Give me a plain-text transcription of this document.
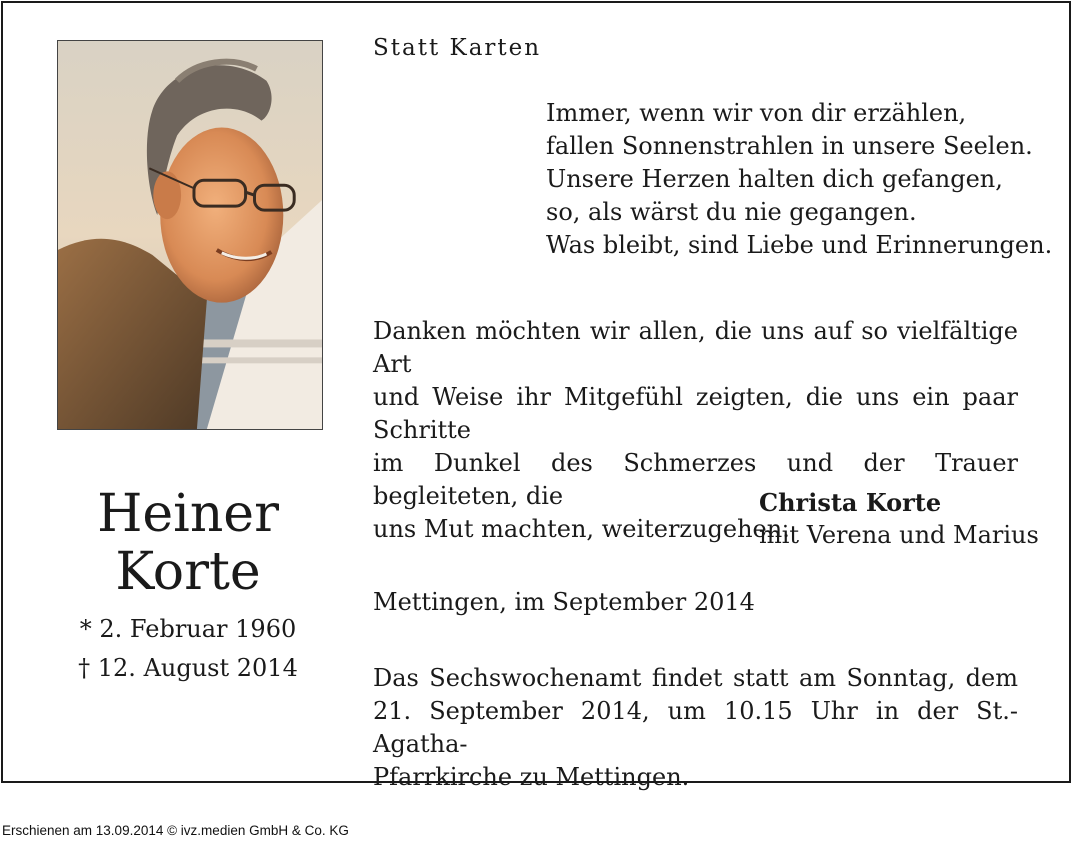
Heiner
Korte
* 2. Februar 1960
† 12. August 2014

Statt Karten

Immer, wenn wir von dir erzählen,
fallen Sonnenstrahlen in unsere Seelen.
Unsere Herzen halten dich gefangen,
so, als wärst du nie gegangen.
Was bleibt, sind Liebe und Erinnerungen.

Danken möchten wir allen, die uns auf so vielfältige Art
und Weise ihr Mitgefühl zeigten, die uns ein paar Schritte
im Dunkel des Schmerzes und der Trauer begleiteten, die
uns Mut machten, weiterzugehen.

Christa Korte
mit Verena und Marius

Mettingen, im September 2014

Das Sechswochenamt findet statt am Sonntag, dem
21. September 2014, um 10.15 Uhr in der St.-Agatha-
Pfarrkirche zu Mettingen.

Erschienen am 13.09.2014 © ivz.medien GmbH & Co. KG
